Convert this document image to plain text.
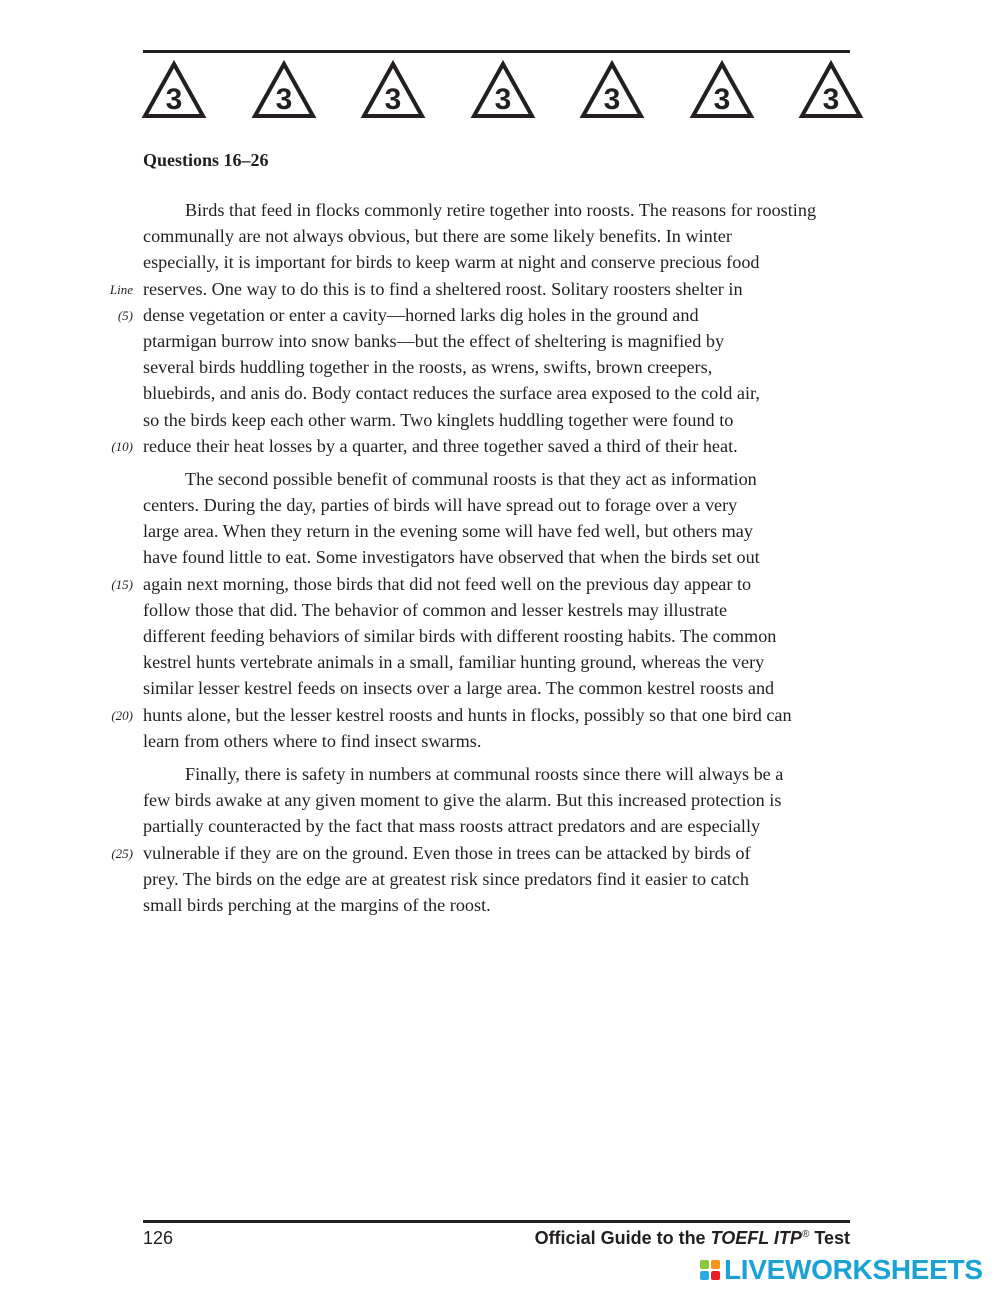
3	3	3	3	3	3	3
Questions 16–26
Birds that feed in flocks commonly retire together into roosts. The reasons for roosting
communally are not always obvious, but there are some likely benefits. In winter
especially, it is important for birds to keep warm at night and conserve precious food
Line reserves. One way to do this is to find a sheltered roost. Solitary roosters shelter in
(5) dense vegetation or enter a cavity—horned larks dig holes in the ground and
ptarmigan burrow into snow banks—but the effect of sheltering is magnified by
several birds huddling together in the roosts, as wrens, swifts, brown creepers,
bluebirds, and anis do. Body contact reduces the surface area exposed to the cold air,
so the birds keep each other warm. Two kinglets huddling together were found to
(10) reduce their heat losses by a quarter, and three together saved a third of their heat.
The second possible benefit of communal roosts is that they act as information
centers. During the day, parties of birds will have spread out to forage over a very
large area. When they return in the evening some will have fed well, but others may
have found little to eat. Some investigators have observed that when the birds set out
(15) again next morning, those birds that did not feed well on the previous day appear to
follow those that did. The behavior of common and lesser kestrels may illustrate
different feeding behaviors of similar birds with different roosting habits. The common
kestrel hunts vertebrate animals in a small, familiar hunting ground, whereas the very
similar lesser kestrel feeds on insects over a large area. The common kestrel roosts and
(20) hunts alone, but the lesser kestrel roosts and hunts in flocks, possibly so that one bird can
learn from others where to find insect swarms.
Finally, there is safety in numbers at communal roosts since there will always be a
few birds awake at any given moment to give the alarm. But this increased protection is
partially counteracted by the fact that mass roosts attract predators and are especially
(25) vulnerable if they are on the ground. Even those in trees can be attacked by birds of
prey. The birds on the edge are at greatest risk since predators find it easier to catch
small birds perching at the margins of the roost.
126	Official Guide to the TOEFL ITP® Test
LIVEWORKSHEETS
